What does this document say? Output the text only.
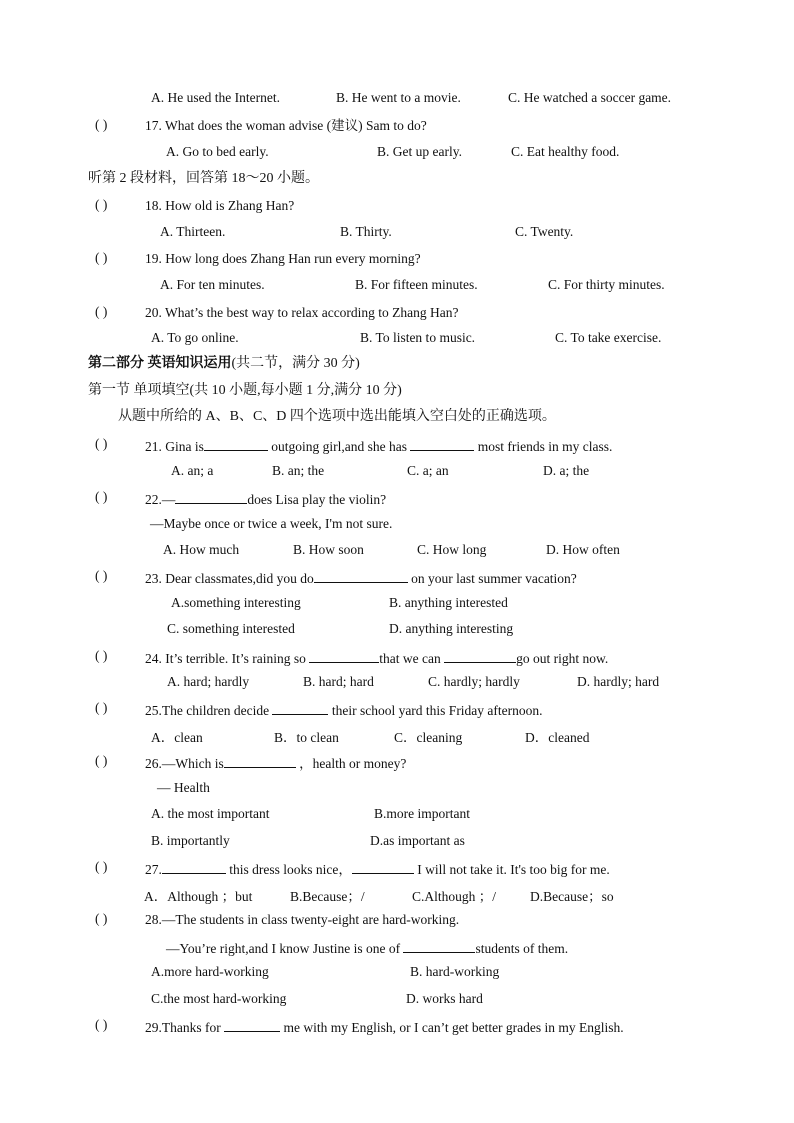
A. He used the Internet.	B. He went to a movie.	C. He watched a soccer game.
( )	17. What does the woman advise (建议) Sam to do?
A. Go to bed early.	B. Get up early.	C. Eat healthy food.
听第 2 段材料，回答第 18～20 小题。
( )	18. How old is Zhang Han?
A. Thirteen.	B. Thirty.	C. Twenty.
( )	19. How long does Zhang Han run every morning?
A. For ten minutes.	B. For fifteen minutes.	C. For thirty minutes.
( )	20. What’s the best way to relax according to Zhang Han?
A. To go online.	B. To listen to music.	C. To take exercise.
第二部分 英语知识运用(共二节，满分 30 分)
第一节 单项填空(共 10 小题,每小题 1 分,满分 10 分)
从题中所给的 A、B、C、D 四个选项中选出能填入空白处的正确选项。
( )	21. Gina is	outgoing girl,and she has	most friends in my class.
A. an; a	B. an; the	C. a; an	D. a; the
( )	22.—	does Lisa play the violin?
—Maybe once or twice a week, I'm not sure.
A. How much	B. How soon	C. How long	D. How often
( )	23. Dear classmates,did you do	on your last summer vacation?
A.something interesting	B. anything interested
C. something interested	D. anything interesting
( )	24. It’s terrible. It’s raining so	that we can	go out right now.
A. hard; hardly	B. hard; hard	C. hardly; hardly	D. hardly; hard
( )	25.The children decide	their school yard this Friday afternoon.
A．clean	B．to clean	C．cleaning	D．cleaned
( )	26.—Which is	，health or money?
— Health
A. the most important	B.more important
B. importantly	D.as important as
( )	27.	this dress looks nice，	I will not take it. It's too big for me.
A．Although ；but	B.Because；/	C.Although ；/	D.Because；so
( )	28.—The students in class twenty-eight are hard-working.
—You’re right,and I know Justine is one of	students of them.
A.more hard-working	B. hard-working
C.the most hard-working	D. works hard
( )	29.Thanks for	me with my English, or I can’t get better grades in my English.
